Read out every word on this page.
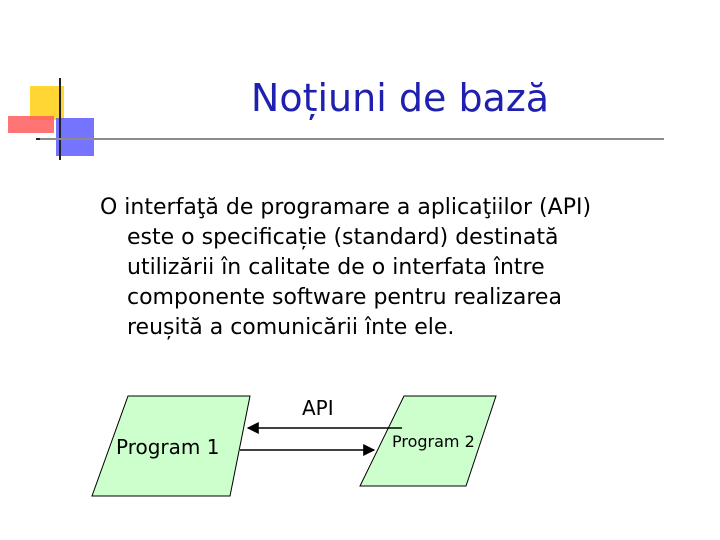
Noțiuni de bază
O interfaţă de programare a aplicaţiilor (API)
este o specificație (standard) destinată
utilizării în calitate de o interfata între
componente software pentru realizarea
reușită a comunicării înte ele.
API
Program 1	Program 2
